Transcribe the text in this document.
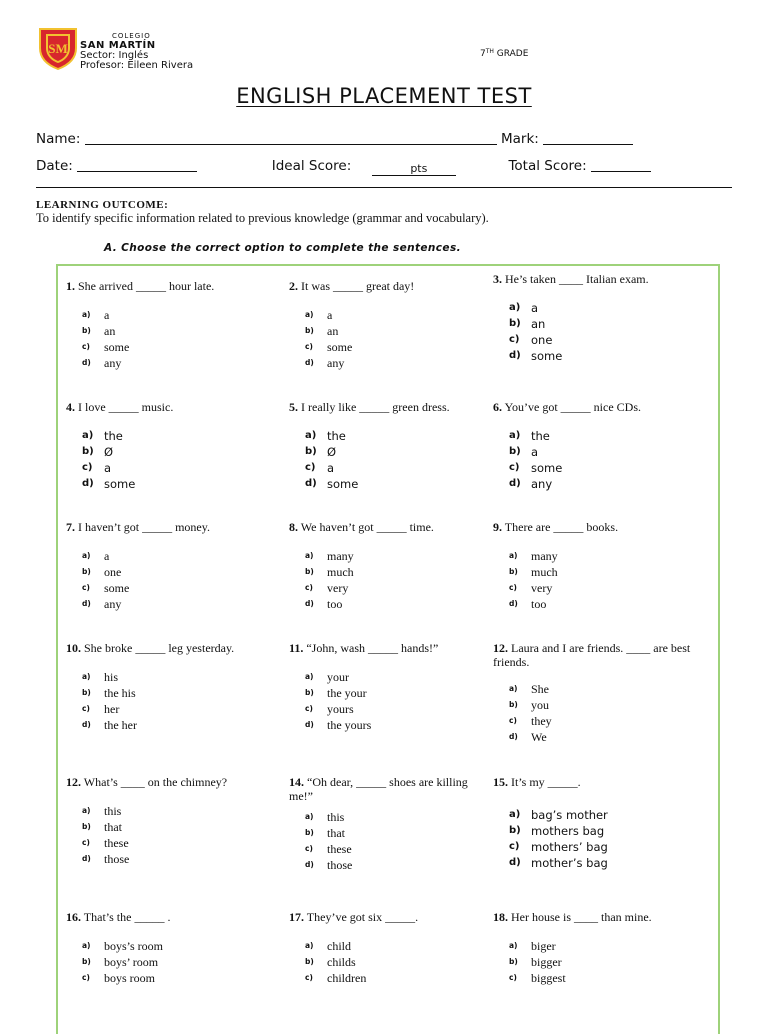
SM
COLEGIO
SAN MARTÍN
Sector: Inglés
Profesor: Eileen Rivera
7TH GRADE
ENGLISH PLACEMENT TEST
Name:	Mark:
Date:	Ideal Score:	pts	Total Score:
LEARNING OUTCOME:
To identify specific information related to previous knowledge (grammar and vocabulary).
A. Choose the correct option to complete the sentences.
1. She arrived _____ hour late.
a)	a
b)	an
c)	some
d)	any
2. It was _____ great day!
a)	a
b)	an
c)	some
d)	any
3. He’s taken ____ Italian exam.
a) a
b) an
c)	one
d) some
4. I love _____ music.
a) the
b) Ø
c)	a
d) some
5. I really like _____ green dress.
a) the
b) Ø
c)	a
d) some
6. You’ve got _____ nice CDs.
a) the
b) a
c)	some
d) any
7. I haven’t got _____ money.
a)	a
b)	one
c)	some
d)	any
8. We haven’t got _____ time.
a)	many
b)	much
c)	very
d)	too
9. There are _____ books.
a)	many
b)	much
c)	very
d)	too
10. She broke _____ leg yesterday.
a)	his
b)	the his
c)	her
d)	the her
11. “John, wash _____ hands!”
a)	your
b)	the your
c)	yours
d)	the yours
12. Laura and I are friends. ____ are best friends.
a)	She
b)	you
c)	they
d)	We
12. What’s ____ on the chimney?
a)	this
b)	that
c)	these
d)	those
14. “Oh dear, _____ shoes are killing me!”
a)	this
b)	that
c)	these
d)	those
15. It’s my _____.
a) bag’s mother
b) mothers bag
c)	mothers’ bag
d) mother’s bag
16. That’s the _____ .
a)	boys’s room
b)	boys’ room
c)	boys room
17. They’ve got six _____.
a)	child
b)	childs
c)	children
18. Her house is ____ than mine.
a)	biger
b)	bigger
c)	biggest
